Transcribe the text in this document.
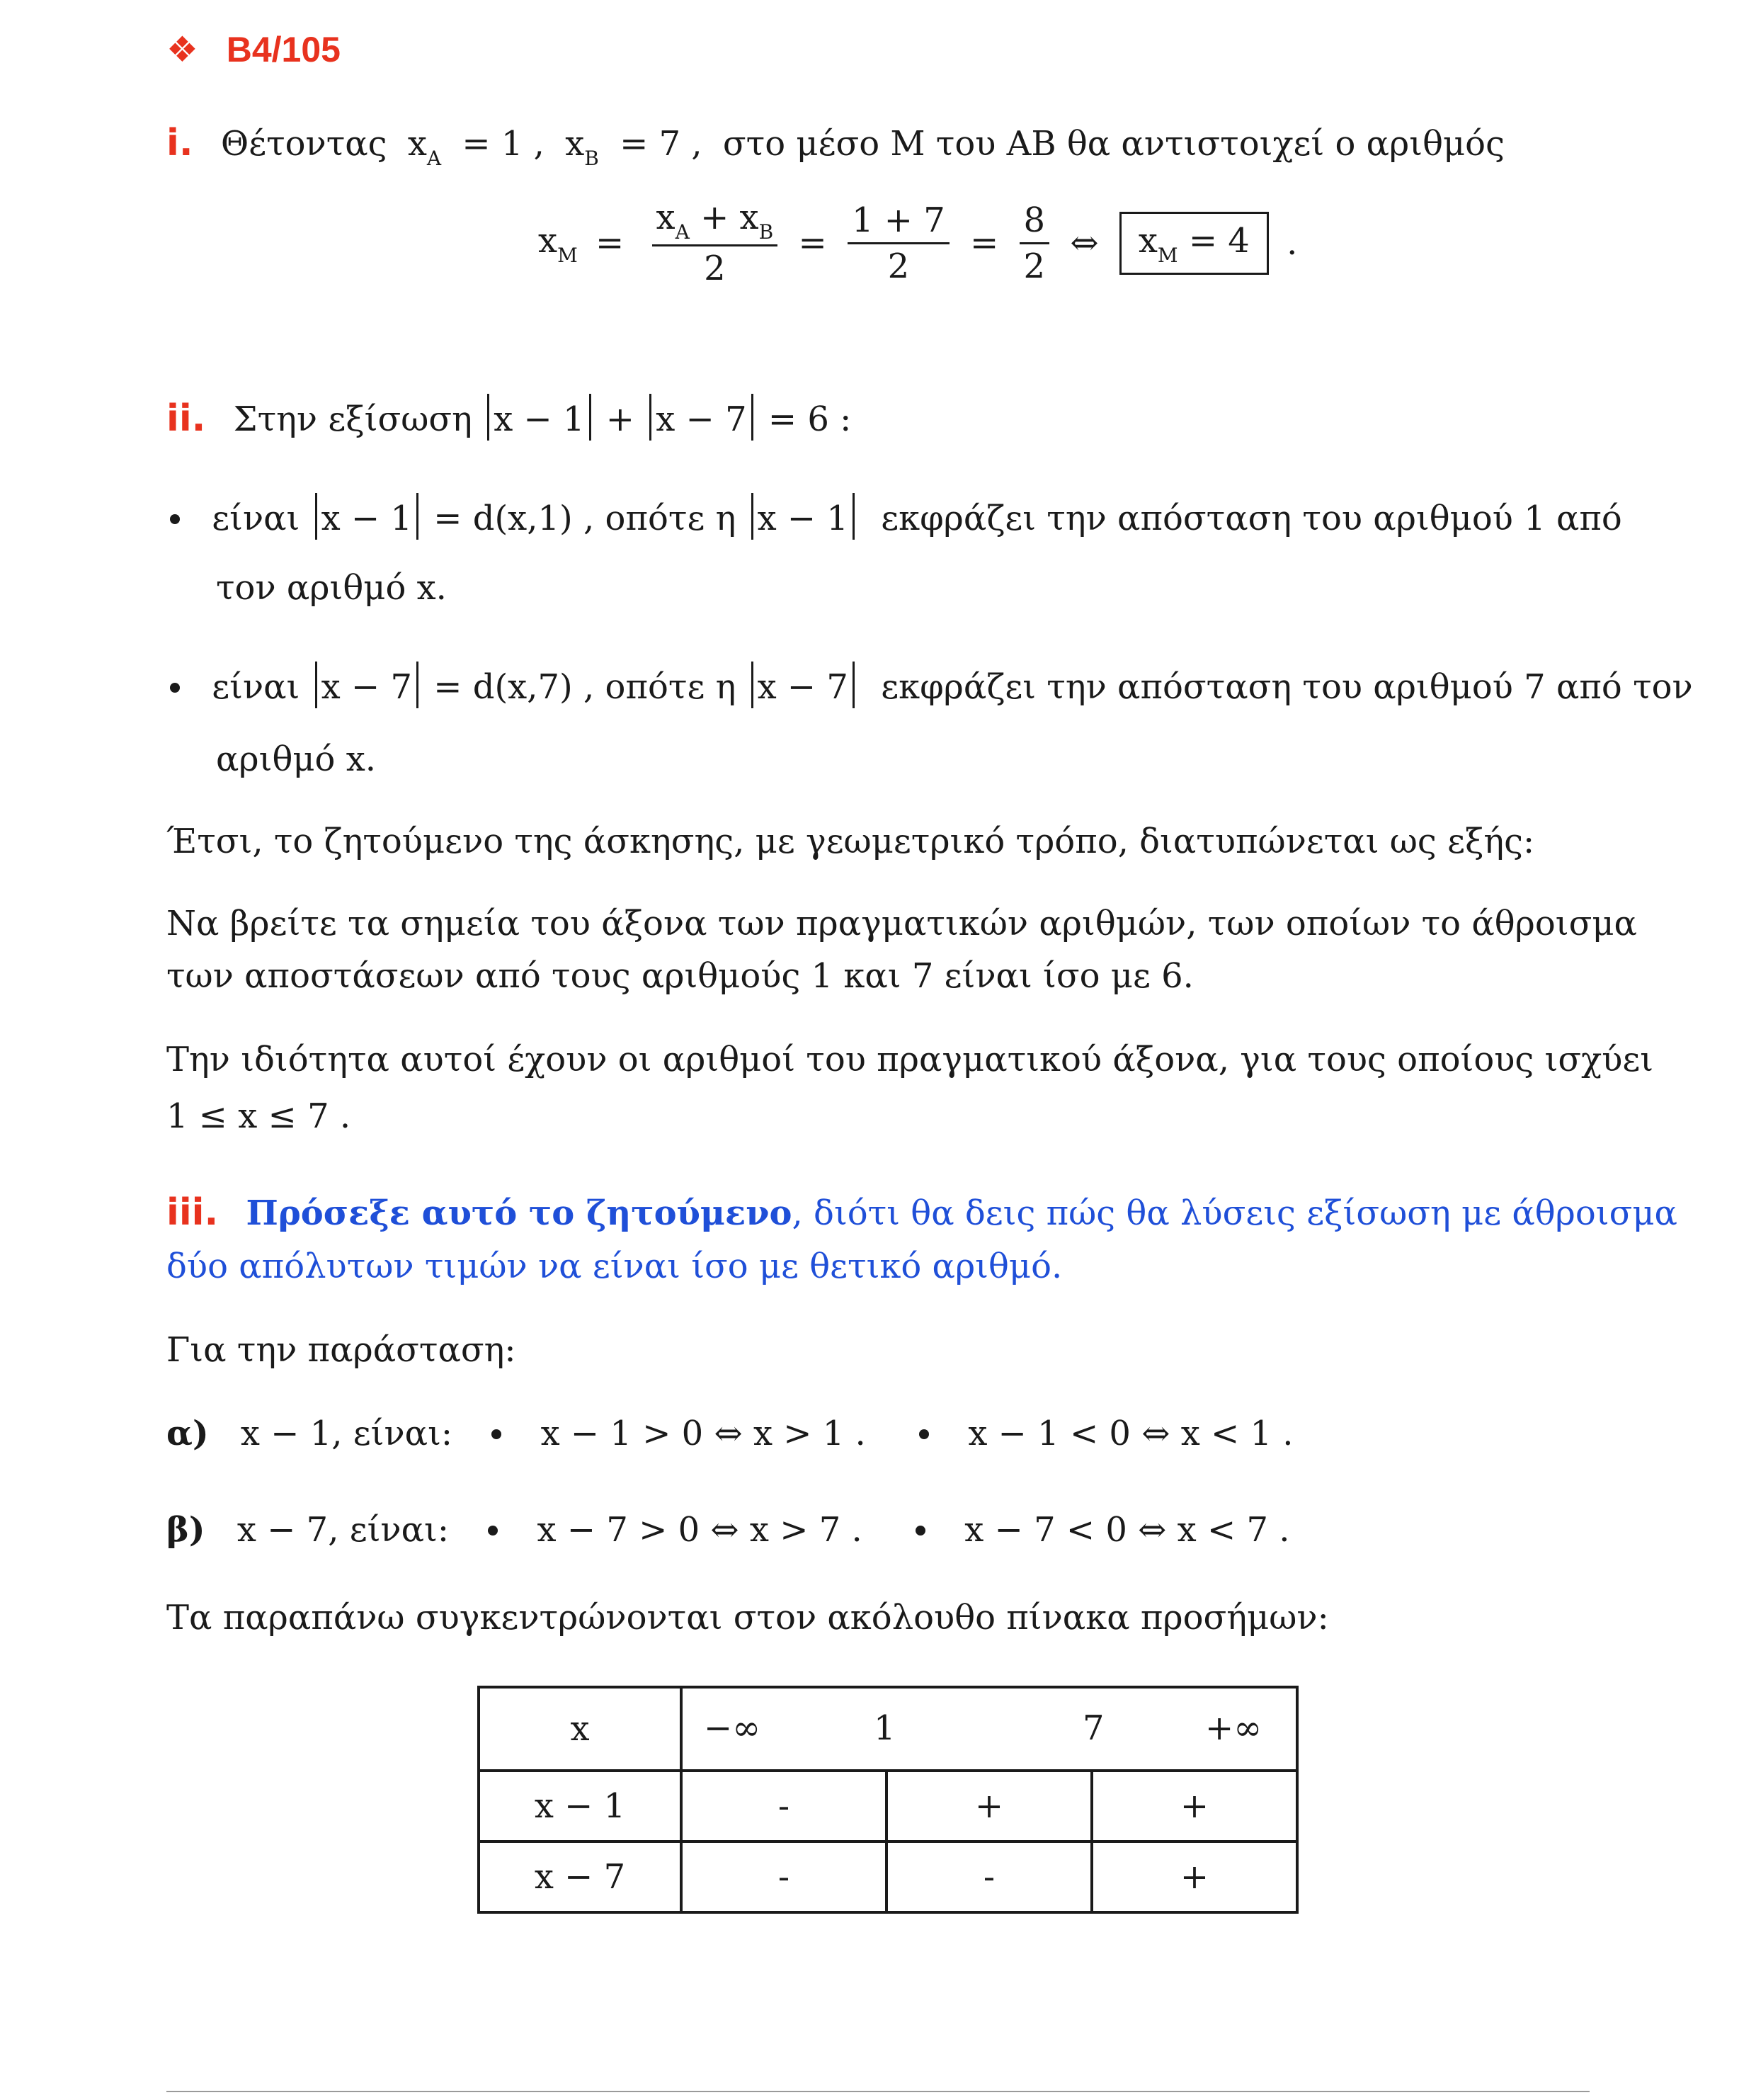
❖ B4/105
i. Θέτοντας $x_A = 1$ , $x_B = 7$ , στο μέσο Μ του ΑΒ θα αντιστοιχεί ο αριθμός
$x_M = \frac{x_A + x_B}{2} = \frac{1 + 7}{2} = \frac{8}{2}$ ⇔ $x_M = 4$ .
ii. Στην εξίσωση x − 1 + x − 7 = 6 :
είναι x − 1 = d(x,1) , οπότε η x − 1 εκφράζει την απόσταση του αριθμού 1 από
τον αριθμό x.
είναι x − 7 = d(x,7) , οπότε η x − 7 εκφράζει την απόσταση του αριθμού 7 από τον
αριθμό x.
Έτσι, το ζητούμενο της άσκησης, με γεωμετρικό τρόπο, διατυπώνεται ως εξής:
Να βρείτε τα σημεία του άξονα των πραγματικών αριθμών, των οποίων το άθροισμα
των αποστάσεων από τους αριθμούς 1 και 7 είναι ίσο με 6.
Την ιδιότητα αυτοί έχουν οι αριθμοί του πραγματικού άξονα, για τους οποίους ισχύει
1 ≤ x ≤ 7 .
iii. Πρόσεξε αυτό το ζητούμενο, διότι θα δεις πώς θα λύσεις εξίσωση με άθροισμα
δύο απόλυτων τιμών να είναι ίσο με θετικό αριθμό.
Για την παράσταση:
α) x − 1, είναι:	x − 1 > 0 ⇔ x > 1 .	x − 1 < 0 ⇔ x < 1 .
β) x − 7, είναι:	x − 7 > 0 ⇔ x > 7 .	x − 7 < 0 ⇔ x < 7 .
Τα παραπάνω συγκεντρώνονται στον ακόλουθο πίνακα προσήμων:
x	−∞ 1 7 +∞		

x − 1	-	+	+
x − 7	-	-	+
